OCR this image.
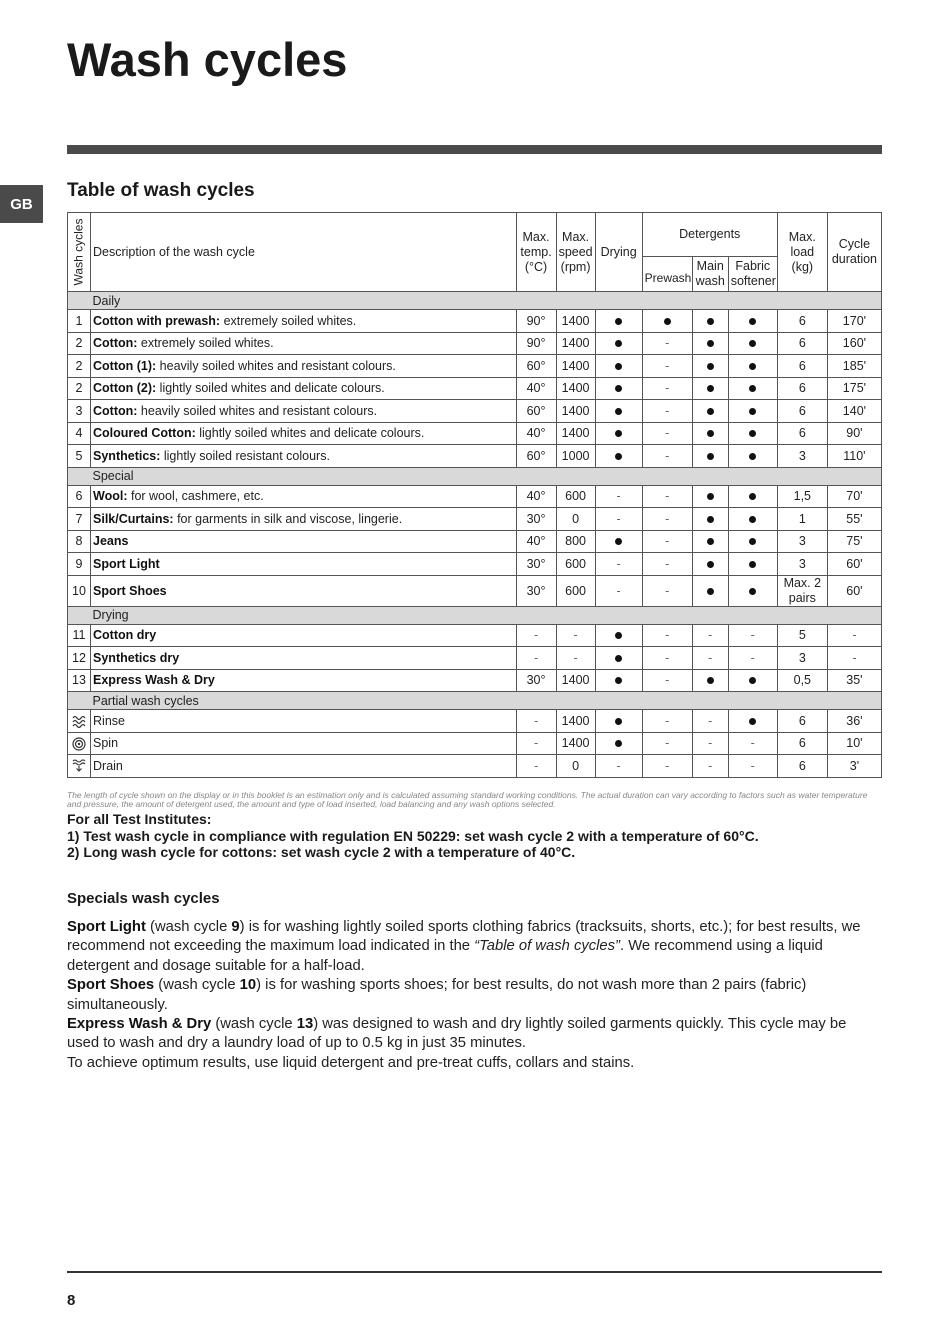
Wash cycles
GB
Table of wash cycles
Wash cycles	Description of the wash cycle	Max.
temp.
(°C)	Max.
speed
(rpm)	Drying	Detergents			Max.
load
(kg)	Cycle
duration
					Prewash	Main
wash	Fabric
softener		
	Daily								
1	Cotton with prewash: extremely soiled whites.	90°	1400					6	170'
2	Cotton: extremely soiled whites.	90°	1400		-			6	160'
2	Cotton (1): heavily soiled whites and resistant colours.	60°	1400		-			6	185'
2	Cotton (2): lightly soiled whites and delicate colours.	40°	1400		-			6	175'
3	Cotton: heavily soiled whites and resistant colours.	60°	1400		-			6	140'
4	Coloured Cotton: lightly soiled whites and delicate colours.	40°	1400		-			6	90'
5	Synthetics: lightly soiled resistant colours.	60°	1000		-			3	110'
	Special								
6	Wool: for wool, cashmere, etc.	40°	600	-	-			1,5	70'
7	Silk/Curtains: for garments in silk and viscose, lingerie.	30°	0	-	-			1	55'
8	Jeans	40°	800		-			3	75'
9	Sport Light	30°	600	-	-			3	60'
10	Sport Shoes	30°	600	-	-			Max. 2
pairs	60'
	Drying								
11	Cotton dry	-	-		-	-	-	5	-
12	Synthetics dry	-	-		-	-	-	3	-
13	Express Wash & Dry	30°	1400		-			0,5	35'
	Partial wash cycles								
	Rinse	-	1400		-	-		6	36'
	Spin	-	1400		-	-	-	6	10'
	Drain	-	0	-	-	-	-	6	3'
The length of cycle shown on the display or in this booklet is an estimation only and is calculated assuming standard working conditions. The actual duration can vary according to factors such as water temperature and pressure, the amount of detergent used, the amount and type of load inserted, load balancing and any wash options selected.
For all Test Institutes:
1) Test wash cycle in compliance with regulation EN 50229: set wash cycle 2 with a temperature of 60°C.
2) Long wash cycle for cottons: set wash cycle 2 with a temperature of 40°C.
Specials wash cycles

Sport Light (wash cycle 9) is for washing lightly soiled sports clothing fabrics (tracksuits, shorts, etc.); for best results, we recommend not exceeding the maximum load indicated in the “Table of wash cycles”. We recommend using a liquid detergent and dosage suitable for a half-load.

Sport Shoes (wash cycle 10) is for washing sports shoes; for best results, do not wash more than 2 pairs (fabric) simultaneously.

Express Wash & Dry (wash cycle 13) was designed to wash and dry lightly soiled garments quickly. This cycle may be used to wash and dry a laundry load of up to 0.5 kg in just 35 minutes.

To achieve optimum results, use liquid detergent and pre-treat cuffs, collars and stains.

8
